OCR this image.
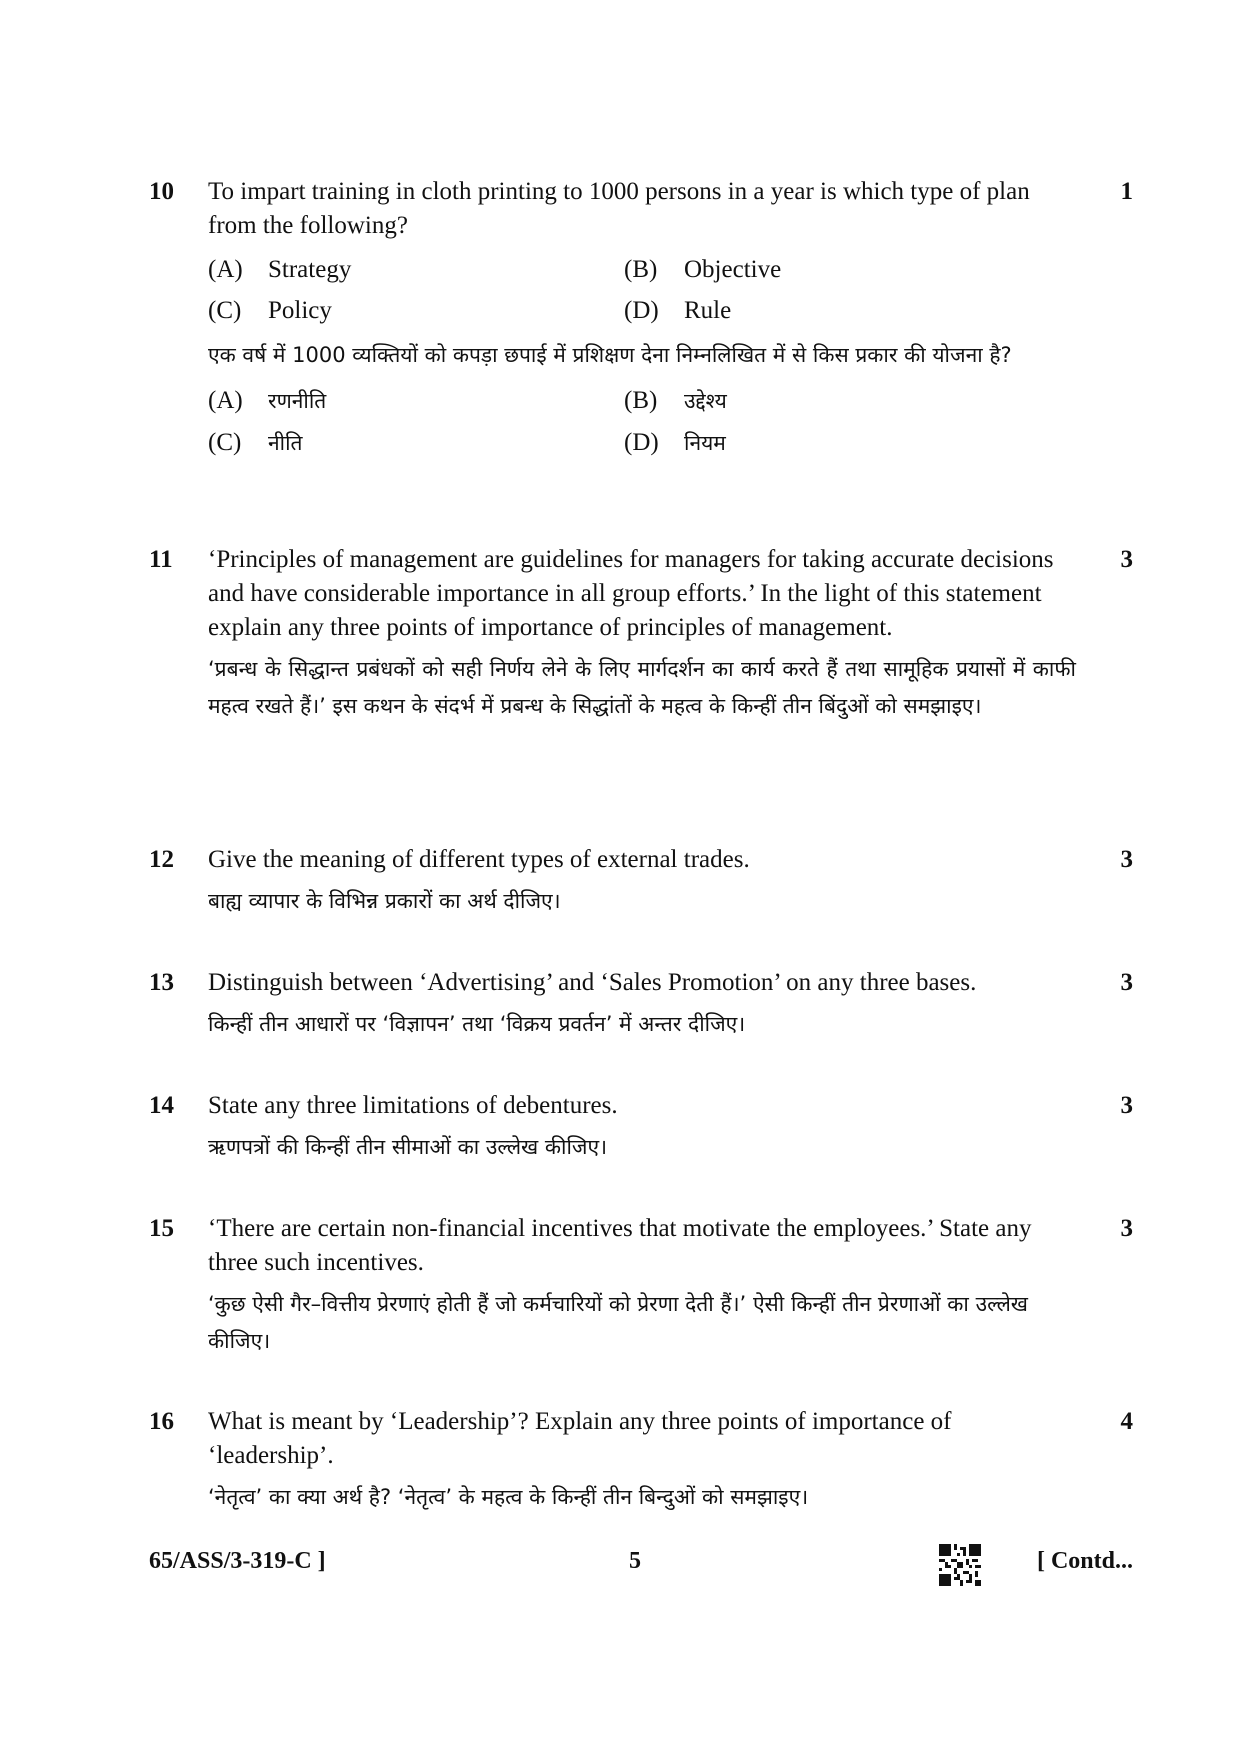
10 To impart training in cloth printing to 1000 persons in a year is which type of plan from the following?

(A)	Strategy	(B)	Objective
(C)	Policy	(D)	Rule

एक वर्ष में 1000 व्यक्तियों को कपड़ा छपाई में प्रशिक्षण देना निम्नलिखित में से किस प्रकार की योजना है?

(A)	रणनीति	(B)	उद्देश्य
(C)	नीति	(D)	नियम
1
11 ‘Principles of management are guidelines for managers for taking accurate decisions and have considerable importance in all group efforts.’ In the light of this statement explain any three points of importance of principles of management.

‘प्रबन्ध के सिद्धान्त प्रबंधकों को सही निर्णय लेने के लिए मार्गदर्शन का कार्य करते हैं तथा सामूहिक प्रयासों में काफी महत्व रखते हैं।’ इस कथन के संदर्भ में प्रबन्ध के सिद्धांतों के महत्व के किन्हीं तीन बिंदुओं को समझाइए।

3
12 Give the meaning of different types of external trades.

बाह्य व्यापार के विभिन्न प्रकारों का अर्थ दीजिए।

3
13 Distinguish between ‘Advertising’ and ‘Sales Promotion’ on any three bases.

किन्हीं तीन आधारों पर ‘विज्ञापन’ तथा ‘विक्रय प्रवर्तन’ में अन्तर दीजिए।

3
14 State any three limitations of debentures.

ऋणपत्रों की किन्हीं तीन सीमाओं का उल्लेख कीजिए।

3
15 ‘There are certain non-financial incentives that motivate the employees.’ State any three such incentives.

‘कुछ ऐसी गैर–वित्तीय प्रेरणाएं होती हैं जो कर्मचारियों को प्रेरणा देती हैं।’ ऐसी किन्हीं तीन प्रेरणाओं का उल्लेख कीजिए।

3
16 What is meant by ‘Leadership’? Explain any three points of importance of ‘leadership’.

‘नेतृत्व’ का क्या अर्थ है? ‘नेतृत्व’ के महत्व के किन्हीं तीन बिन्दुओं को समझाइए।

4
65/ASS/3-319-C ]	5	[ Contd...
